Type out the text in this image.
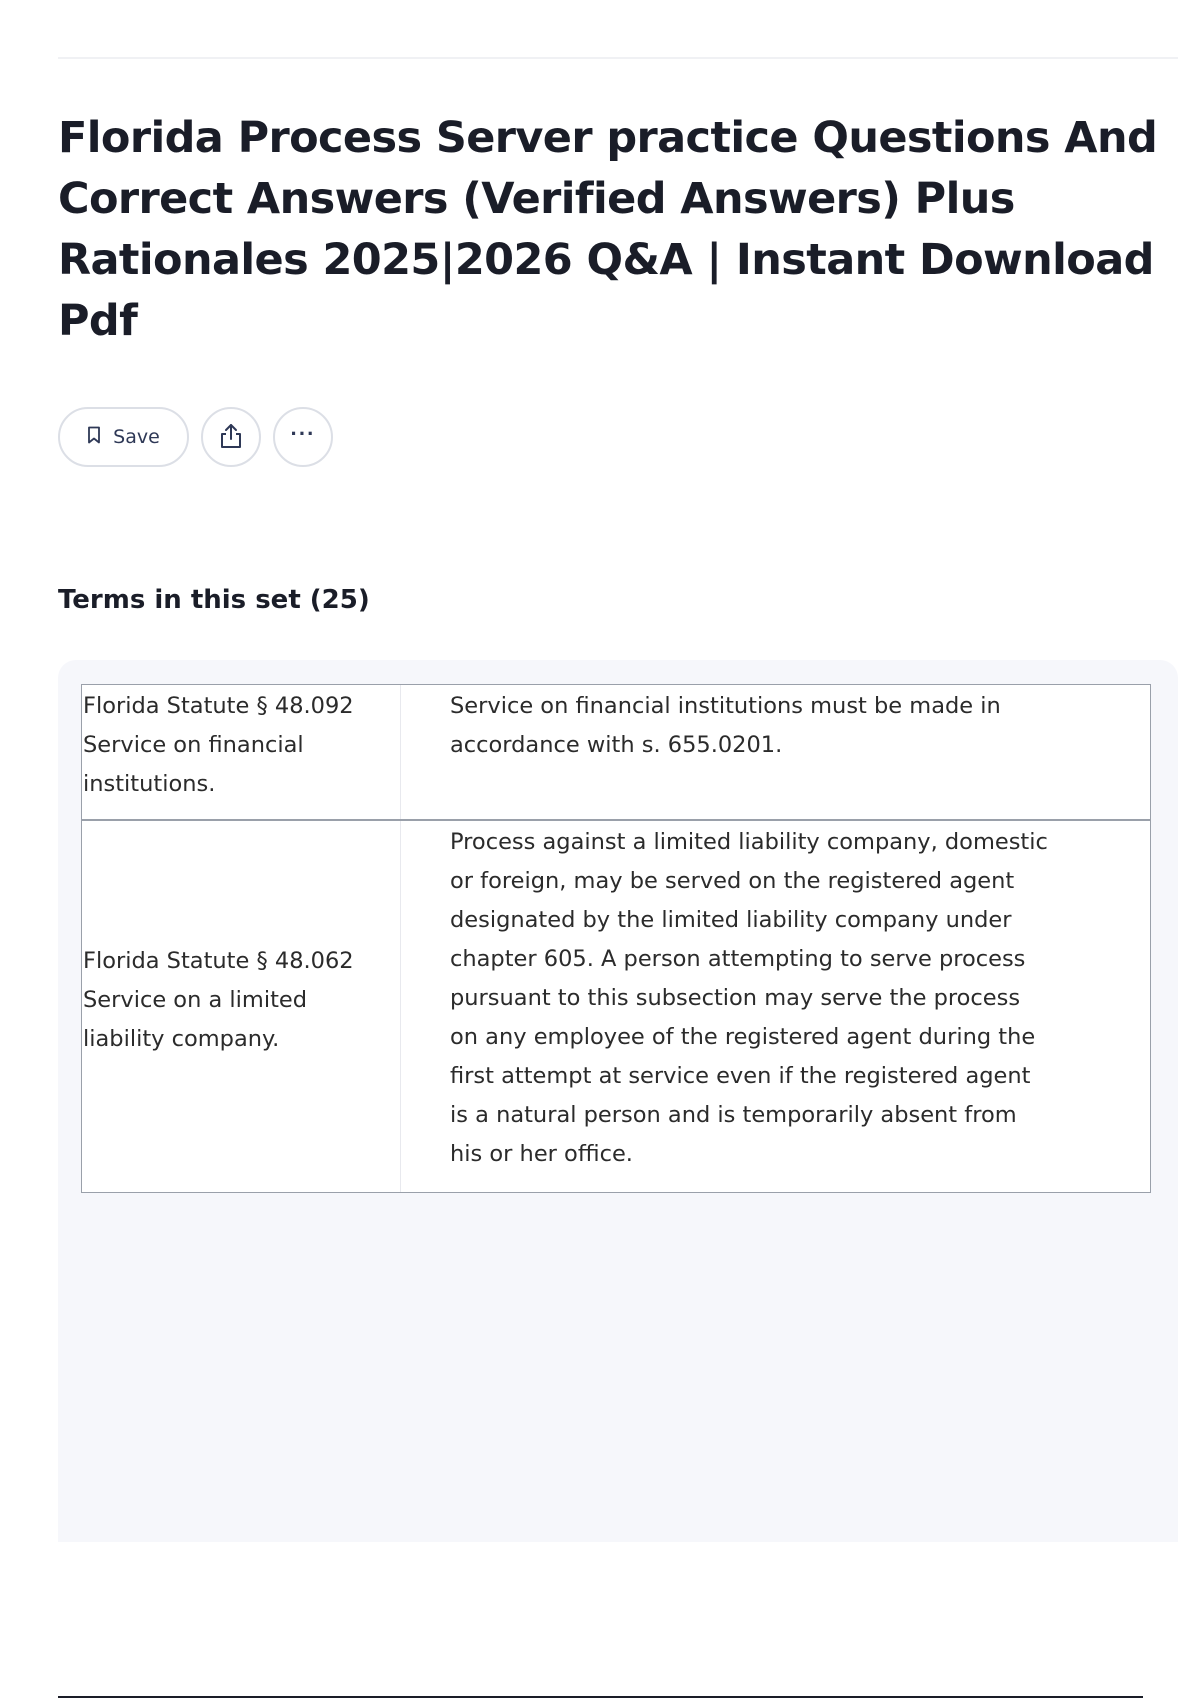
Florida Process Server practice Questions And Correct Answers (Verified Answers) Plus Rationales 2025|2026 Q&A | Instant Download Pdf
Save	···
Terms in this set (25)
Florida Statute § 48.092 Service on financial institutions.
Service on financial institutions must be made in accordance with s. 655.0201.
Florida Statute § 48.062 Service on a limited liability company.
Process against a limited liability company, domestic or foreign, may be served on the registered agent designated by the limited liability company under chapter 605. A person attempting to serve process pursuant to this subsection may serve the process on any employee of the registered agent during the first attempt at service even if the registered agent is a natural person and is temporarily absent from his or her office.
